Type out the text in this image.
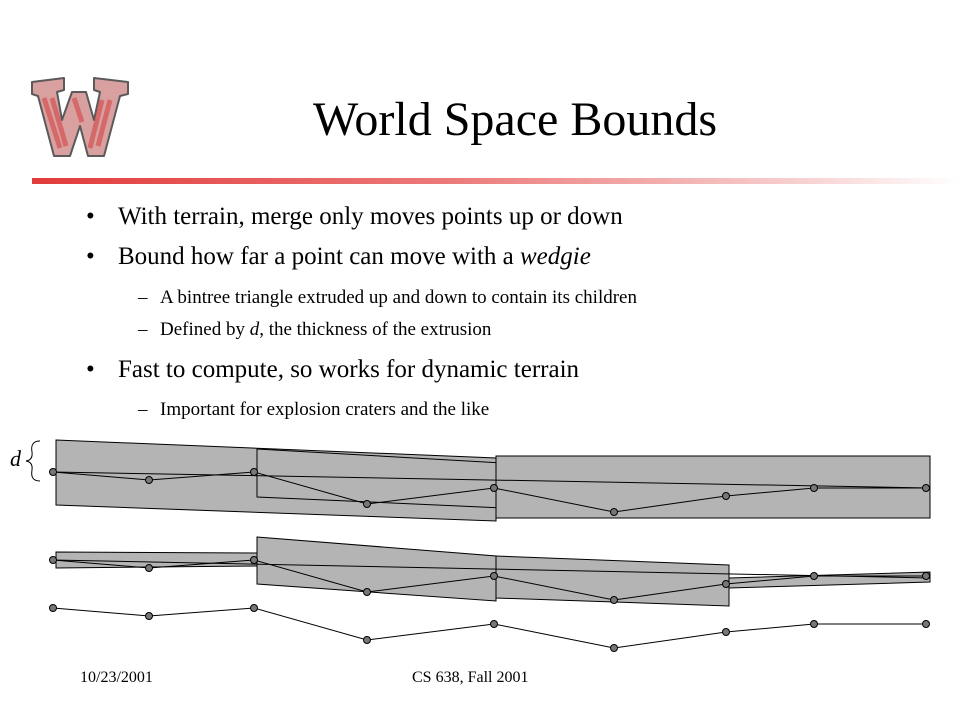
World Space Bounds
• With terrain, merge only moves points up or down
• Bound how far a point can move with a wedgie
– A bintree triangle extruded up and down to contain its children
– Defined by d, the thickness of the extrusion
• Fast to compute, so works for dynamic terrain
– Important for explosion craters and the like
d
10/23/2001	CS 638, Fall 2001
